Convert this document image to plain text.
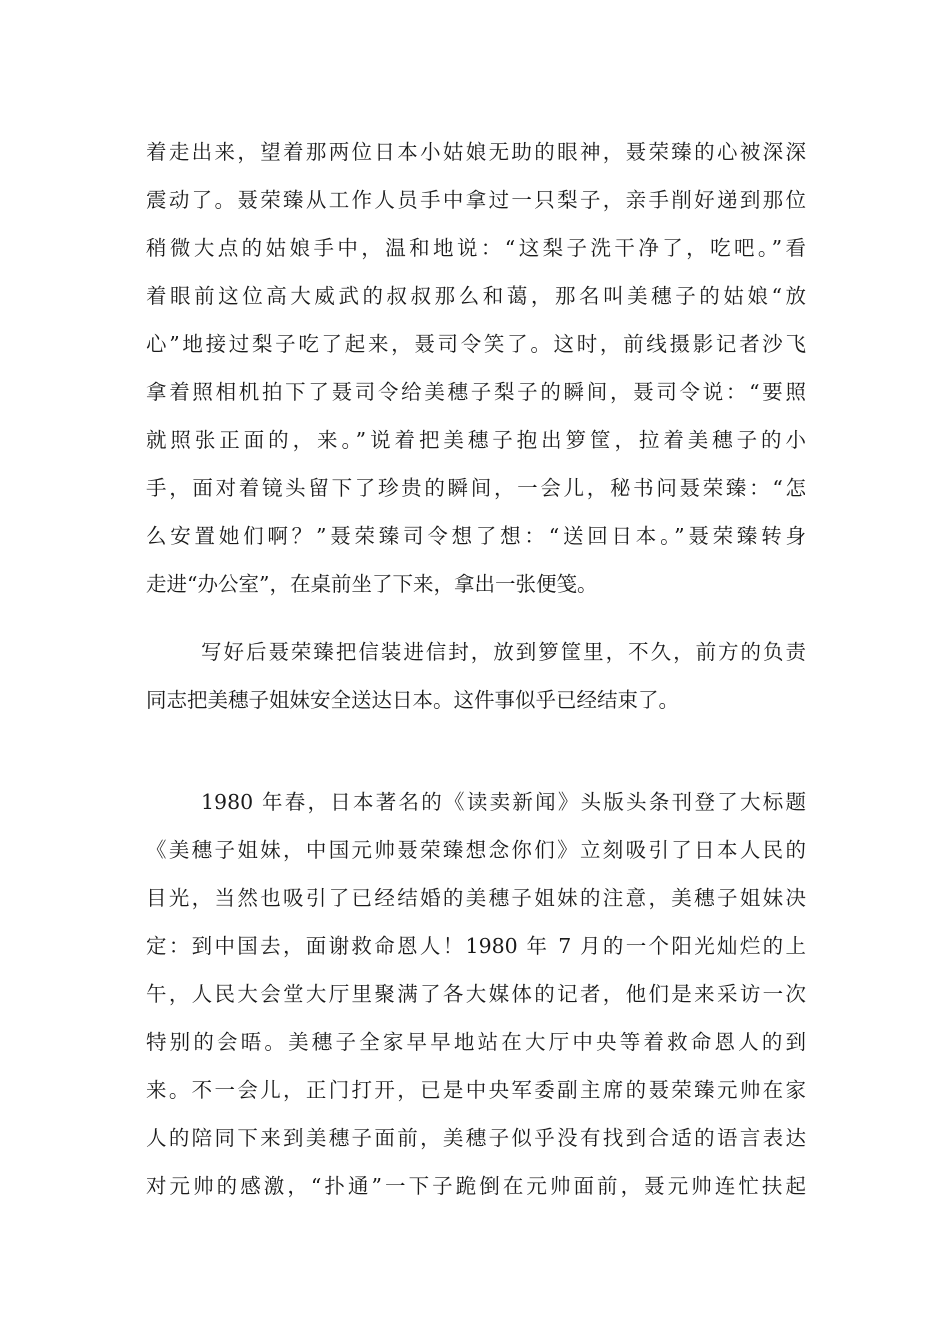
着走出来，望着那两位日本小姑娘无助的眼神，聂荣臻的心被深深
震动了。聂荣臻从工作人员手中拿过一只梨子，亲手削好递到那位
稍微大点的姑娘手中，温和地说：“这梨子洗干净了，吃吧。”看
着眼前这位高大威武的叔叔那么和蔼，那名叫美穗子的姑娘“放
心”地接过梨子吃了起来，聂司令笑了。这时，前线摄影记者沙飞
拿着照相机拍下了聂司令给美穗子梨子的瞬间，聂司令说：“要照
就照张正面的，来。”说着把美穗子抱出箩筐，拉着美穗子的小
手，面对着镜头留下了珍贵的瞬间，一会儿，秘书问聂荣臻：“怎
么安置她们啊？”聂荣臻司令想了想：“送回日本。”聂荣臻转身
走进“办公室”，在桌前坐了下来，拿出一张便笺。
写好后聂荣臻把信装进信封，放到箩筐里，不久，前方的负责
同志把美穗子姐妹安全送达日本。这件事似乎已经结束了。
1980 年春，日本著名的《读卖新闻》头版头条刊登了大标题
《美穗子姐妹，中国元帅聂荣臻想念你们》立刻吸引了日本人民的
目光，当然也吸引了已经结婚的美穗子姐妹的注意，美穗子姐妹决
定：到中国去，面谢救命恩人！1980 年 7 月的一个阳光灿烂的上
午，人民大会堂大厅里聚满了各大媒体的记者，他们是来采访一次
特别的会晤。美穗子全家早早地站在大厅中央等着救命恩人的到
来。不一会儿，正门打开，已是中央军委副主席的聂荣臻元帅在家
人的陪同下来到美穗子面前，美穗子似乎没有找到合适的语言表达
对元帅的感激，“扑通”一下子跪倒在元帅面前，聂元帅连忙扶起
